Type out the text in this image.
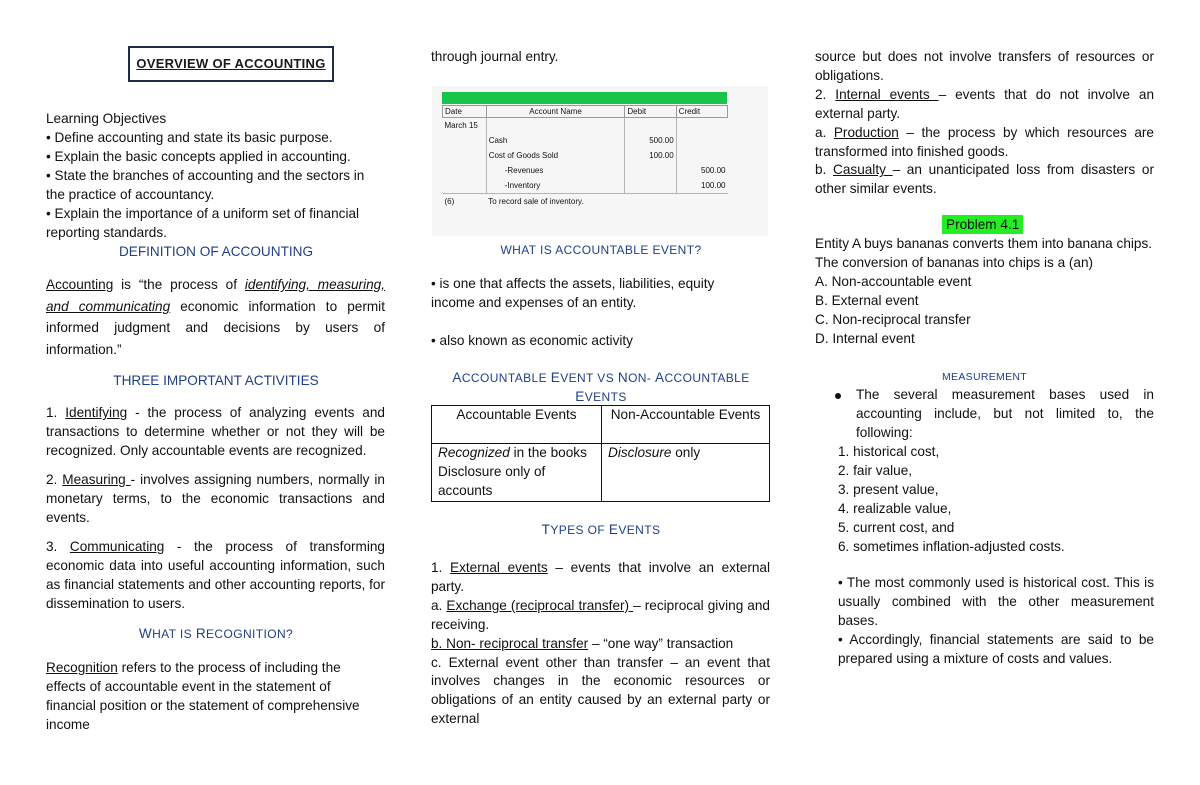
OVERVIEW OF ACCOUNTING

Learning Objectives

• Define accounting and state its basic purpose.
• Explain the basic concepts applied in accounting.
• State the branches of accounting and the sectors in the practice of accountancy.
• Explain the importance of a uniform set of financial reporting standards.

DEFINITION OF ACCOUNTING

Accounting is “the process of identifying, measuring, and communicating economic information to permit informed judgment and decisions by users of information.”

THREE IMPORTANT ACTIVITIES

1. Identifying - the process of analyzing events and transactions to determine whether or not they will be recognized. Only accountable events are recognized.

2. Measuring - involves assigning numbers, normally in monetary terms, to the economic transactions and events.

3. Communicating - the process of transforming economic data into useful accounting information, such as financial statements and other accounting reports, for dissemination to users.

WHAT IS RECOGNITION?

Recognition refers to the process of including the effects of accountable event in the statement of financial position or the statement of comprehensive income

through journal entry.

Date	Account Name	Debit	Credit
March 15			
	Cash	500.00	
	Cost of Goods Sold	100.00	
	-Revenues		500.00
	-Inventory		100.00
(6)	To record sale of inventory.		

WHAT IS ACCOUNTABLE EVENT?

• is one that affects the assets, liabilities, equity income and expenses of an entity.

• also known as economic activity

ACCOUNTABLE EVENT VS NON- ACCOUNTABLE EVENTS

Accountable Events	Non-Accountable Events
Recognized in the books
Disclosure only of accounts	Disclosure only

TYPES OF EVENTS

1. External events – events that involve an external party.
a. Exchange (reciprocal transfer) – reciprocal giving and receiving.
b. Non- reciprocal transfer – “one way” transaction
c. External event other than transfer – an event that involves changes in the economic resources or obligations of an entity caused by an external party or external
source but does not involve transfers of resources or obligations.
2. Internal events – events that do not involve an external party.
a. Production – the process by which resources are transformed into finished goods.
b. Casualty – an unanticipated loss from disasters or other similar events.
Problem 4.1
Entity A buys bananas converts them into banana chips.
The conversion of bananas into chips is a (an)
A. Non-accountable event
B. External event
C. Non-reciprocal transfer
D. Internal event

MEASUREMENT

The several measurement bases used in accounting include, but not limited to, the following:

1. historical cost,
2. fair value,
3. present value,
4. realizable value,
5. current cost, and
6. sometimes inflation-adjusted costs.

• The most commonly used is historical cost. This is usually combined with the other measurement bases.

• Accordingly, financial statements are said to be prepared using a mixture of costs and values.
